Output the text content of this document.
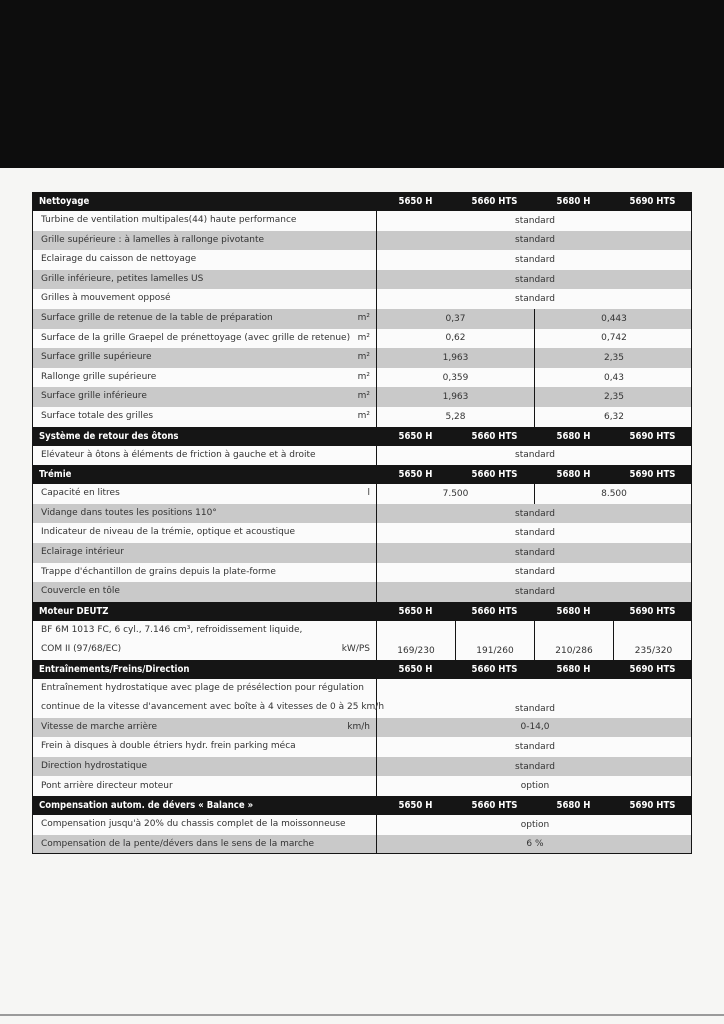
Nettoyage	5650 H	5660 HTS	5680 H	5690 HTS
Turbine de ventilation multipales(44) haute performance	standard
Grille supérieure : à lamelles à rallonge pivotante	standard
Eclairage du caisson de nettoyage	standard
Grille inférieure, petites lamelles US	standard
Grilles à mouvement opposé	standard
Surface grille de retenue de la table de préparation	m²	0,37	0,443
Surface de la grille Graepel de prénettoyage (avec grille de retenue) m²	0,62	0,742
Surface grille supérieure	m²	1,963	2,35
Rallonge grille supérieure	m²	0,359	0,43
Surface grille inférieure	m²	1,963	2,35
Surface totale des grilles	m²	5,28	6,32
Système de retour des ôtons	5650 H	5660 HTS	5680 H	5690 HTS
Elévateur à ôtons à éléments de friction à gauche et à droite	standard
Trémie	5650 H	5660 HTS	5680 H	5690 HTS
Capacité en litres	l	7.500	8.500
Vidange dans toutes les positions 110°	standard
Indicateur de niveau de la trémie, optique et acoustique	standard
Eclairage intérieur	standard
Trappe d'échantillon de grains depuis la plate-forme	standard
Couvercle en tôle	standard
Moteur DEUTZ	5650 H	5660 HTS	5680 H	5690 HTS
BF 6M 1013 FC, 6 cyl., 7.146 cm³, refroidissement liquide,
COM II (97/68/EC)	kW/PS	169/230	191/260	210/286	235/320
Entraînements/Freins/Direction	5650 H	5660 HTS	5680 H	5690 HTS
Entraînement hydrostatique avec plage de présélection pour régulation
continue de la vitesse d'avancement avec boîte à 4 vitesses de 0 à 25 km/h	standard
Vitesse de marche arrière	km/h	0-14,0
Frein à disques à double étriers hydr. frein parking méca	standard
Direction hydrostatique	standard
Pont arrière directeur moteur	option
Compensation autom. de dévers « Balance »	5650 H	5660 HTS	5680 H	5690 HTS
Compensation jusqu'à 20% du chassis complet de la moissonneuse	option
Compensation de la pente/dévers dans le sens de la marche	6 %
